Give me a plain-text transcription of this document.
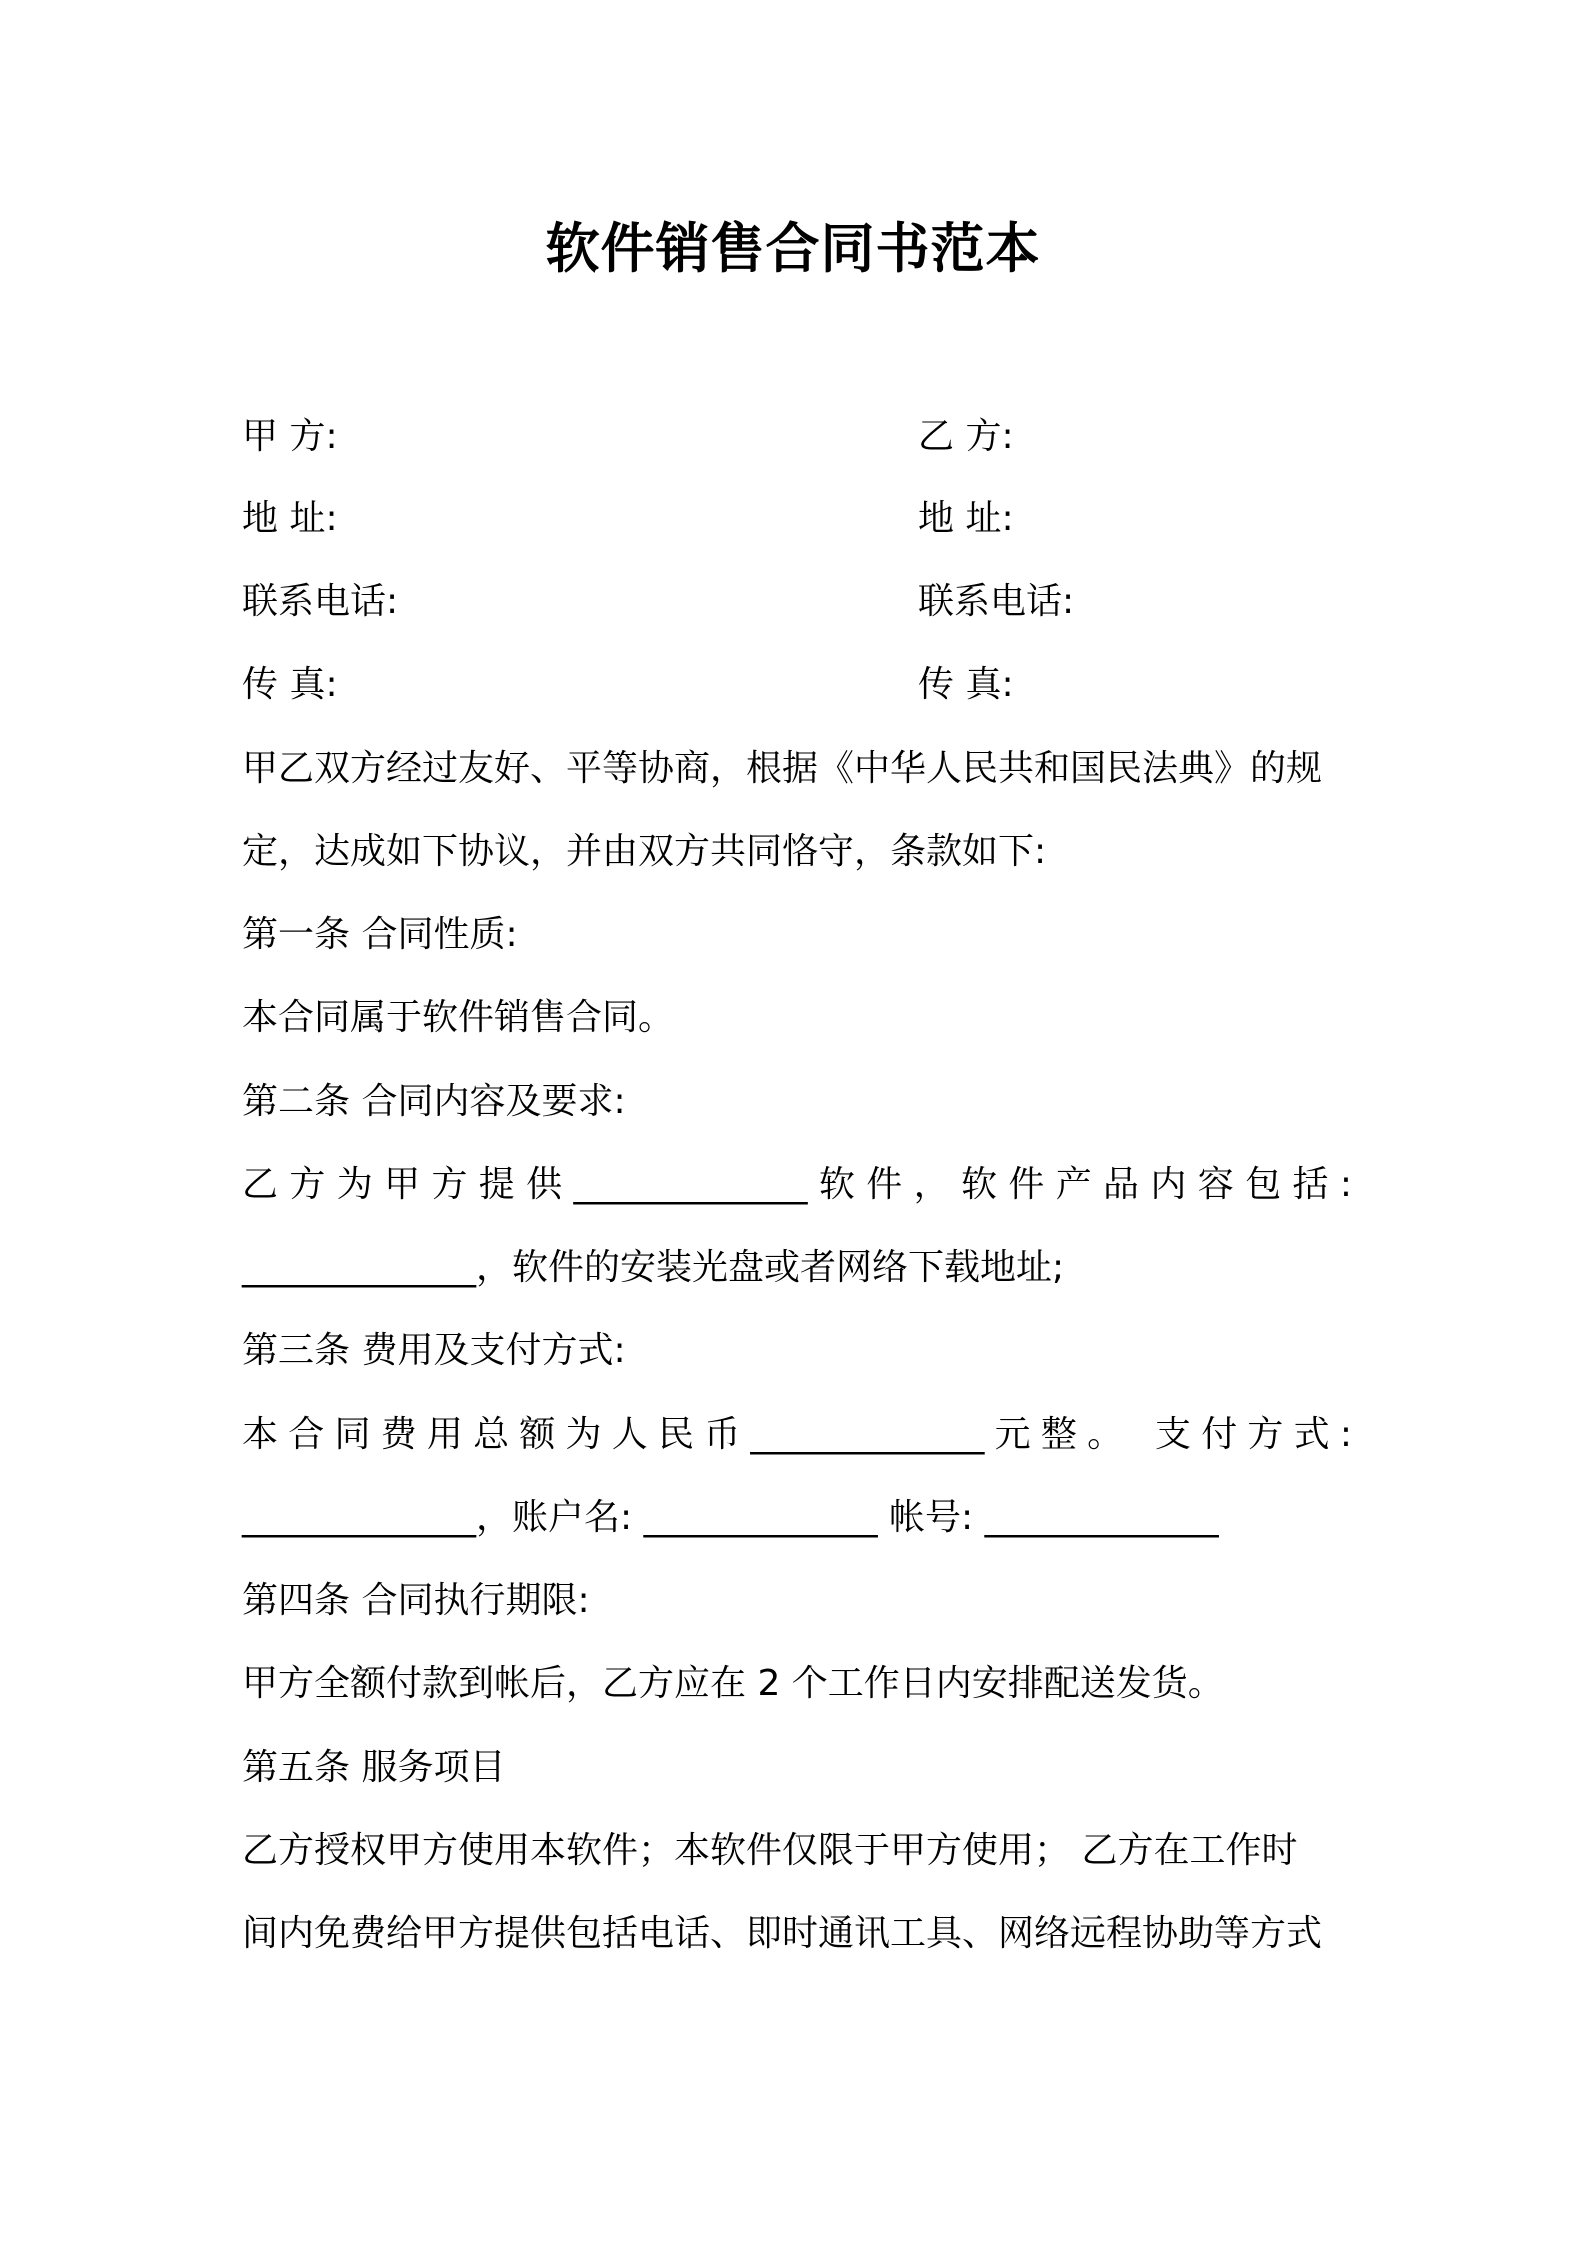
软件销售合同书范本
甲 方:	乙 方:
地 址:	地 址:
联系电话:	联系电话:
传 真:	传 真:
甲乙双方经过友好、平等协商，根据《中华人民共和国民法典》的规
定，达成如下协议，并由双方共同恪守，条款如下:
第一条 合同性质:
本合同属于软件销售合同。
第二条 合同内容及要求:
乙方为甲方提供_____________软件，软件产品内容包括:
_____________，软件的安装光盘或者网络下载地址;
第三条 费用及支付方式:
本合同费用总额为人民币_____________元整。 支付方式:
_____________，账户名: _____________ 帐号: _____________
第四条 合同执行期限:
甲方全额付款到帐后，乙方应在 2 个工作日内安排配送发货。
第五条 服务项目
乙方授权甲方使用本软件；本软件仅限于甲方使用； 乙方在工作时
间内免费给甲方提供包括电话、即时通讯工具、网络远程协助等方式
